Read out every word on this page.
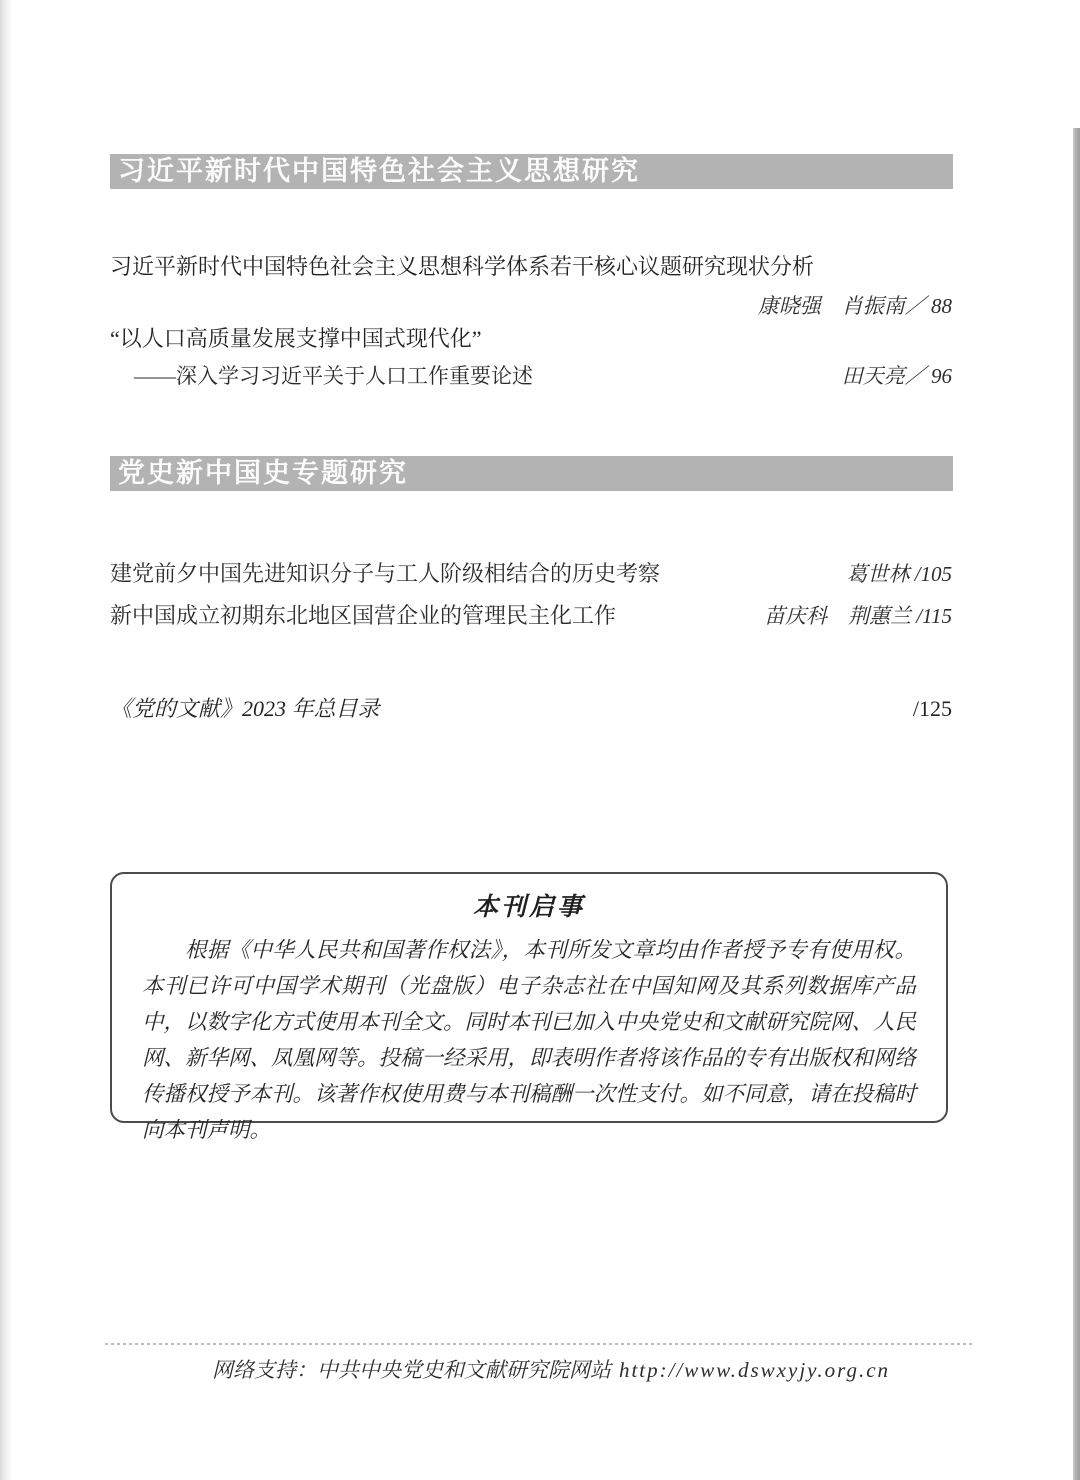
习近平新时代中国特色社会主义思想研究
习近平新时代中国特色社会主义思想科学体系若干核心议题研究现状分析
康晓强　肖振南／ 88
“以人口高质量发展支撑中国式现代化”
——深入学习习近平关于人口工作重要论述	田天亮／ 96
党史新中国史专题研究
建党前夕中国先进知识分子与工人阶级相结合的历史考察	葛世林 /105
新中国成立初期东北地区国营企业的管理民主化工作	苗庆科　荆蕙兰 /115
《党的文献》2023 年总目录	/125
本刊启事

根据《中华人民共和国著作权法》，本刊所发文章均由作者授予专有使用权。本刊已许可中国学术期刊（光盘版）电子杂志社在中国知网及其系列数据库产品中，以数字化方式使用本刊全文。同时本刊已加入中央党史和文献研究院网、人民网、新华网、凤凰网等。投稿一经采用，即表明作者将该作品的专有出版权和网络传播权授予本刊。该著作权使用费与本刊稿酬一次性支付。如不同意，请在投稿时向本刊声明。

网络支持：中共中央党史和文献研究院网站 http://www.dswxyjy.org.cn
